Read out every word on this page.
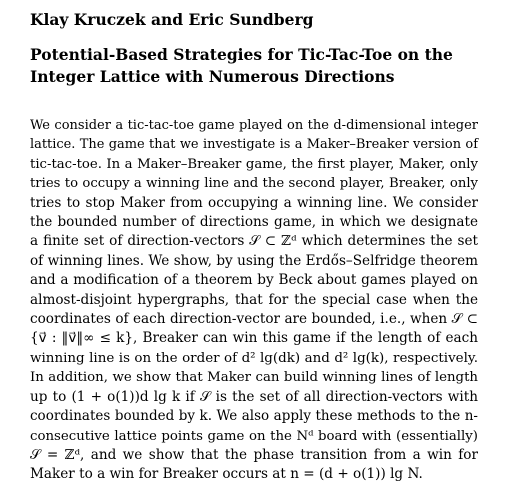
Klay Kruczek and Eric Sundberg

Potential-Based Strategies for Tic-Tac-Toe on the Integer Lattice with Numerous Directions

We consider a tic-tac-toe game played on the d-dimensional integer
lattice. The game that we investigate is a Maker–Breaker version of
tic-tac-toe. In a Maker–Breaker game, the first player, Maker, only
tries to occupy a winning line and the second player, Breaker, only
tries to stop Maker from occupying a winning line. We consider
the bounded number of directions game, in which we designate
a finite set of direction-vectors 𝒮 ⊂ ℤᵈ which determines the set
of winning lines. We show, by using the Erdős–Selfridge theorem
and a modification of a theorem by Beck about games played on
almost-disjoint hypergraphs, that for the special case when the
coordinates of each direction-vector are bounded, i.e., when 𝒮 ⊂
{v⃗ : ‖v⃗‖∞ ≤ k}, Breaker can win this game if the length of each
winning line is on the order of d² lg(dk) and d² lg(k), respectively.
In addition, we show that Maker can build winning lines of length
up to (1 + o(1))d lg k if 𝒮 is the set of all direction-vectors with
coordinates bounded by k. We also apply these methods to the n-
consecutive lattice points game on the Nᵈ board with (essentially)
𝒮 = ℤᵈ, and we show that the phase transition from a win for
Maker to a win for Breaker occurs at n = (d + o(1)) lg N.
